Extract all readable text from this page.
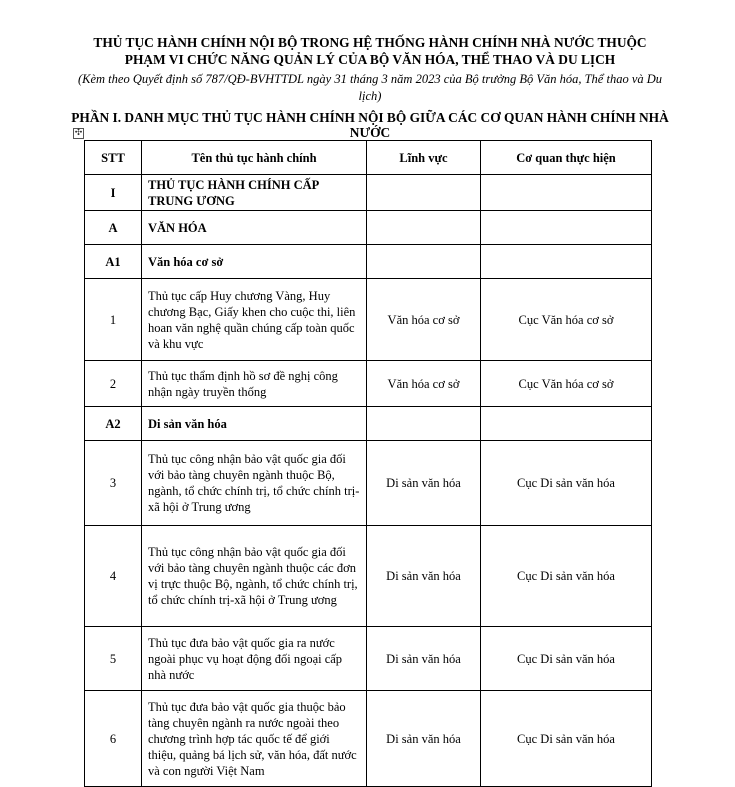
THỦ TỤC HÀNH CHÍNH NỘI BỘ TRONG HỆ THỐNG HÀNH CHÍNH NHÀ NƯỚC THUỘC
PHẠM VI CHỨC NĂNG QUẢN LÝ CỦA BỘ VĂN HÓA, THỂ THAO VÀ DU LỊCH
(Kèm theo Quyết định số 787/QĐ-BVHTTDL ngày 31 tháng 3 năm 2023 của Bộ trưởng Bộ Văn hóa, Thể thao và Du lịch)
PHẦN I. DANH MỤC THỦ TỤC HÀNH CHÍNH NỘI BỘ GIỮA CÁC CƠ QUAN HÀNH CHÍNH NHÀ NƯỚC
✣
STT	Tên thủ tục hành chính	Lĩnh vực	Cơ quan thực hiện
I	THỦ TỤC HÀNH CHÍNH CẤP TRUNG ƯƠNG		
A	VĂN HÓA		
A1	Văn hóa cơ sở		
1	Thủ tục cấp Huy chương Vàng, Huy chương Bạc, Giấy khen cho cuộc thi, liên hoan văn nghệ quần chúng cấp toàn quốc và khu vực	Văn hóa cơ sở	Cục Văn hóa cơ sở
2	Thủ tục thẩm định hồ sơ đề nghị công nhận ngày truyền thống	Văn hóa cơ sở	Cục Văn hóa cơ sở
A2	Di sản văn hóa		
3	Thủ tục công nhận bảo vật quốc gia đối với bảo tàng chuyên ngành thuộc Bộ, ngành, tổ chức chính trị, tổ chức chính trị-xã hội ở Trung ương	Di sản văn hóa	Cục Di sản văn hóa
4	Thủ tục công nhận bảo vật quốc gia đối với bảo tàng chuyên ngành thuộc các đơn vị trực thuộc Bộ, ngành, tổ chức chính trị, tổ chức chính trị-xã hội ở Trung ương	Di sản văn hóa	Cục Di sản văn hóa
5	Thủ tục đưa bảo vật quốc gia ra nước ngoài phục vụ hoạt động đối ngoại cấp nhà nước	Di sản văn hóa	Cục Di sản văn hóa
6	Thủ tục đưa bảo vật quốc gia thuộc bảo tàng chuyên ngành ra nước ngoài theo chương trình hợp tác quốc tế để giới thiệu, quảng bá lịch sử, văn hóa, đất nước và con người Việt Nam	Di sản văn hóa	Cục Di sản văn hóa
